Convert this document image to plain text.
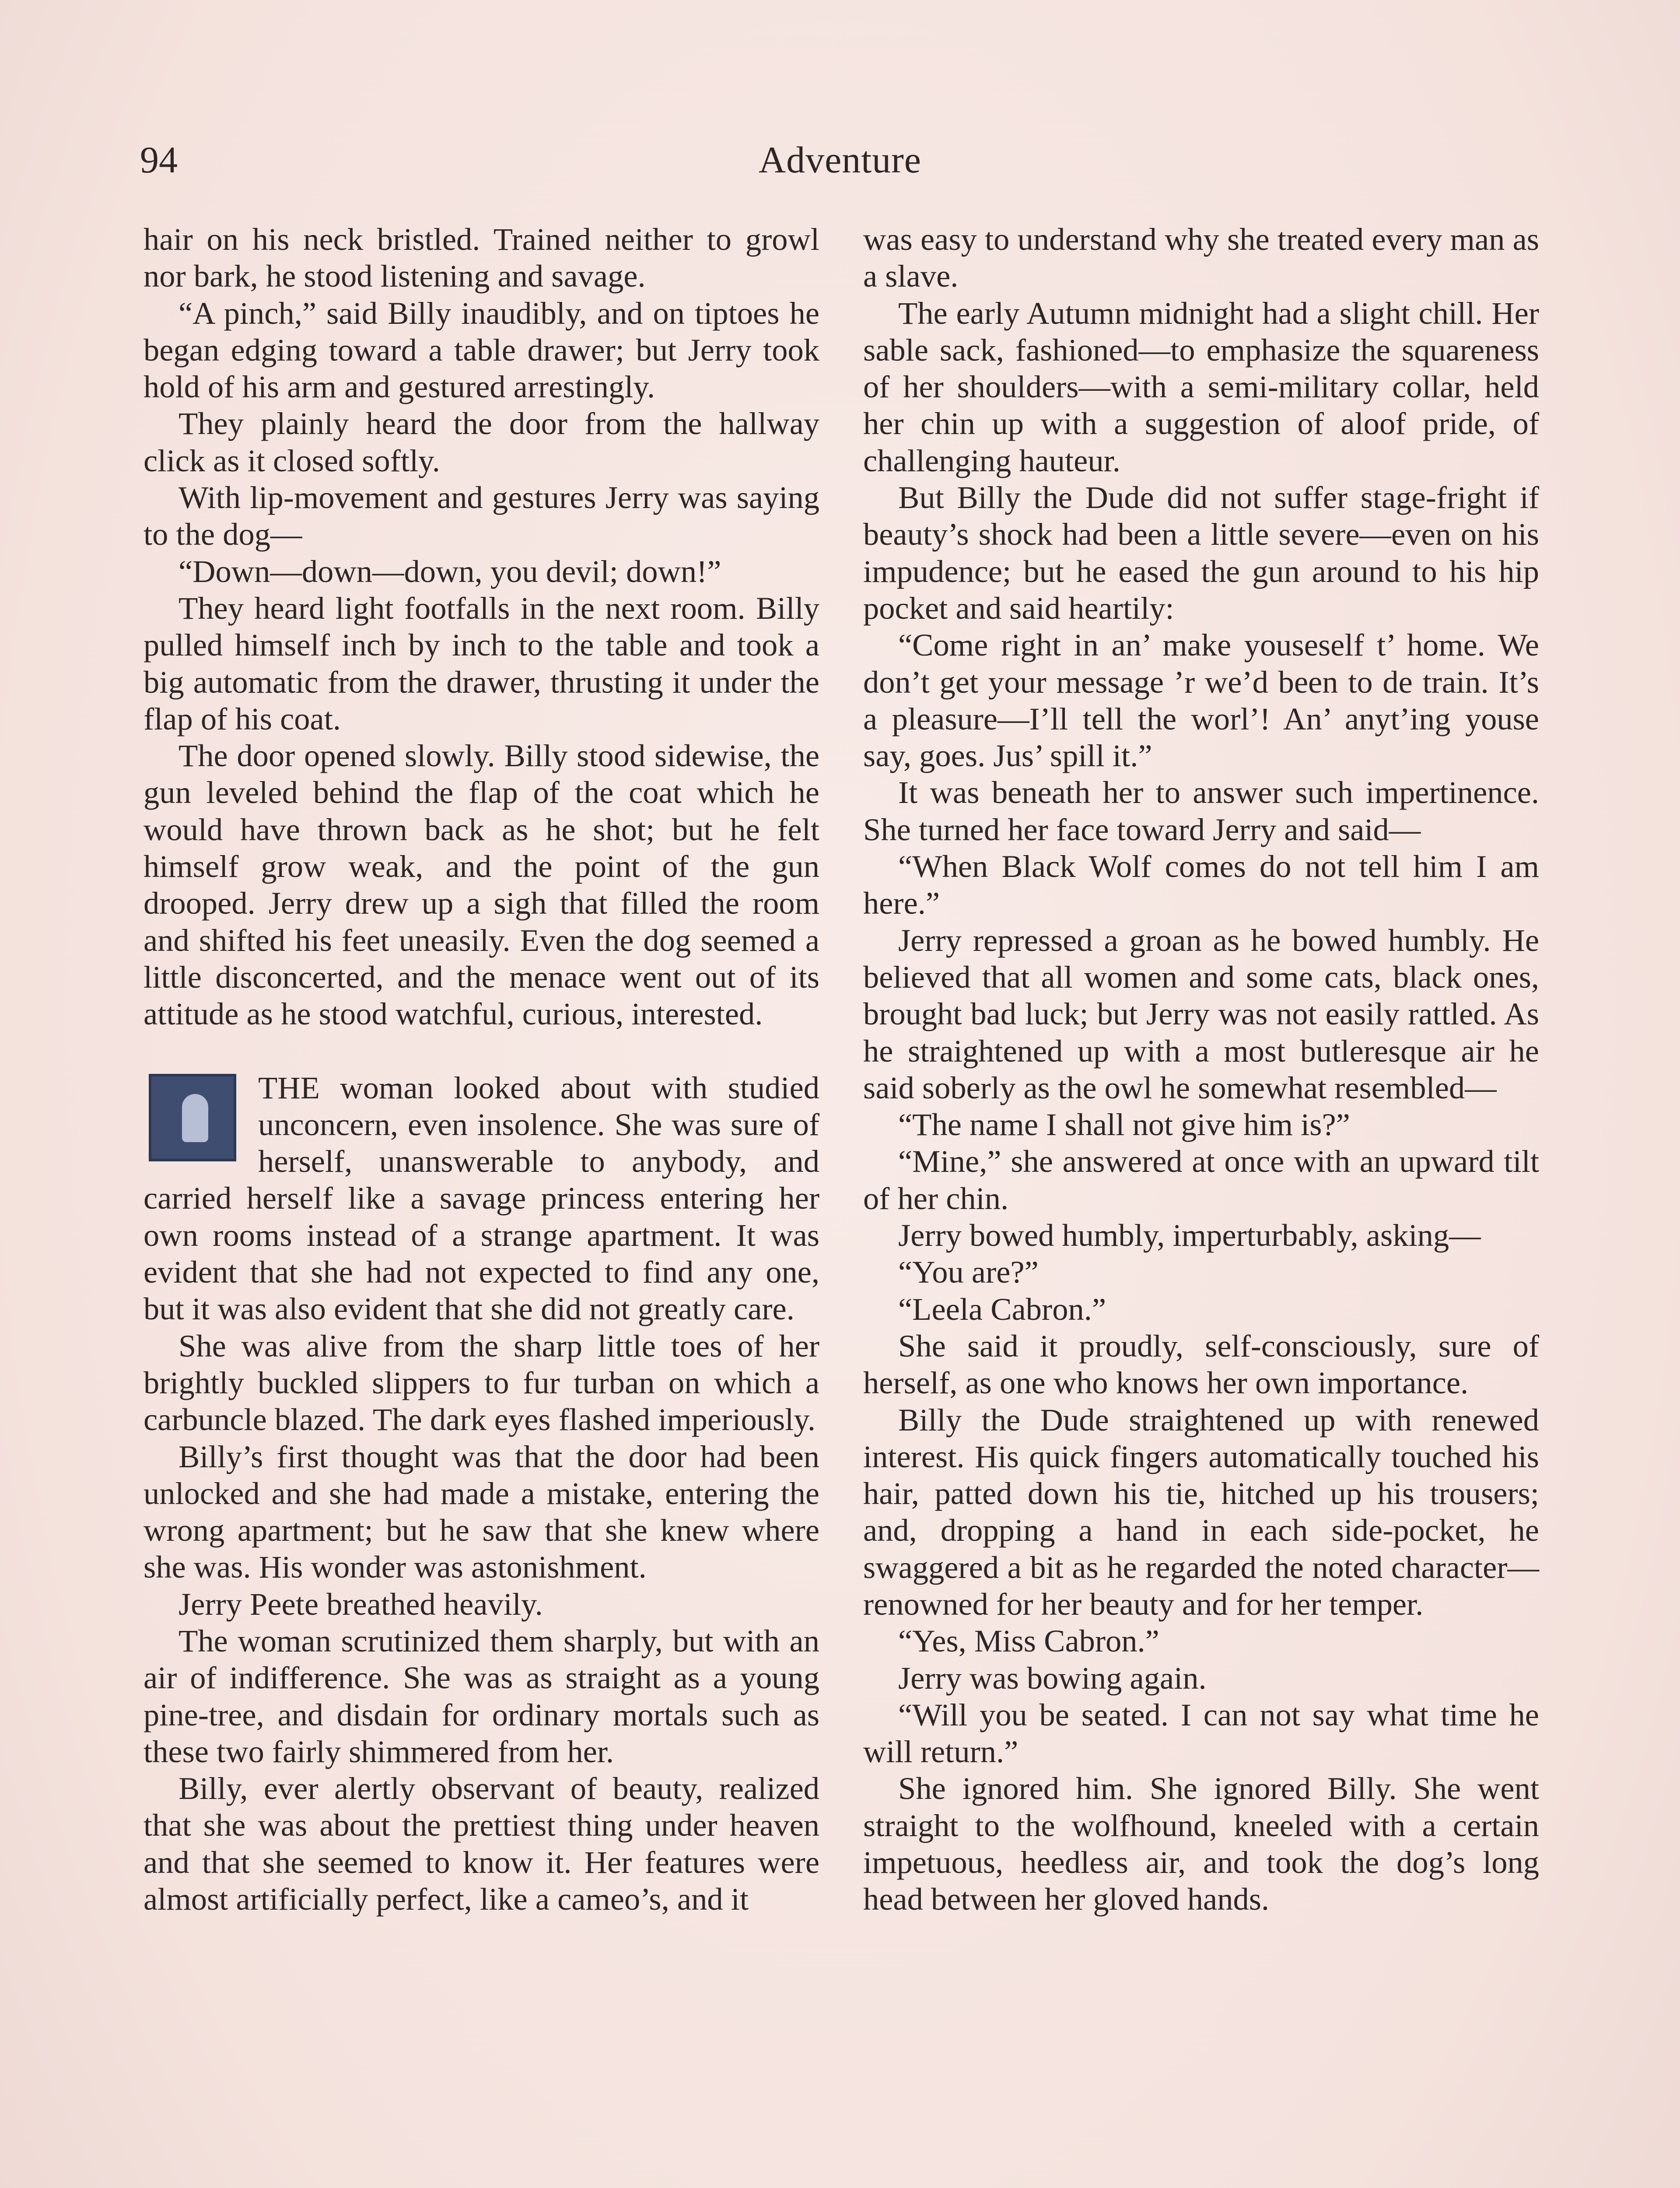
94	Adventure

hair on his neck bristled. Trained neither to growl nor bark, he stood listening and savage.

“A pinch,” said Billy inaudibly, and on tiptoes he began edging toward a table drawer; but Jerry took hold of his arm and gestured arrestingly.

They plainly heard the door from the hallway click as it closed softly.

With lip-movement and gestures Jerry was saying to the dog—

“Down—down—down, you devil; down!”

They heard light footfalls in the next room. Billy pulled himself inch by inch to the table and took a big automatic from the drawer, thrusting it under the flap of his coat.

The door opened slowly. Billy stood sidewise, the gun leveled behind the flap of the coat which he would have thrown back as he shot; but he felt himself grow weak, and the point of the gun drooped. Jerry drew up a sigh that filled the room and shifted his feet uneasily. Even the dog seemed a little disconcerted, and the menace went out of its attitude as he stood watchful, curious, interested.

THE woman looked about with studied unconcern, even insolence. She was sure of herself, unanswerable to anybody, and carried herself like a savage princess entering her own rooms instead of a strange apartment. It was evident that she had not expected to find any one, but it was also evident that she did not greatly care.

She was alive from the sharp little toes of her brightly buckled slippers to fur turban on which a carbuncle blazed. The dark eyes flashed imperiously.

Billy’s first thought was that the door had been unlocked and she had made a mistake, entering the wrong apartment; but he saw that she knew where she was. His wonder was astonishment.

Jerry Peete breathed heavily.

The woman scrutinized them sharply, but with an air of indifference. She was as straight as a young pine-tree, and disdain for ordinary mortals such as these two fairly shimmered from her.

Billy, ever alertly observant of beauty, realized that she was about the prettiest thing under heaven and that she seemed to know it. Her features were almost artificially perfect, like a cameo’s, and it

was easy to understand why she treated every man as a slave.

The early Autumn midnight had a slight chill. Her sable sack, fashioned—to emphasize the squareness of her shoulders—with a semi-military collar, held her chin up with a suggestion of aloof pride, of challenging hauteur.

But Billy the Dude did not suffer stage-fright if beauty’s shock had been a little severe—even on his impudence; but he eased the gun around to his hip pocket and said heartily:

“Come right in an’ make youseself t’ home. We don’t get your message ’r we’d been to de train. It’s a pleasure—I’ll tell the worl’! An’ anyt’ing youse say, goes. Jus’ spill it.”

It was beneath her to answer such impertinence. She turned her face toward Jerry and said—

“When Black Wolf comes do not tell him I am here.”

Jerry repressed a groan as he bowed humbly. He believed that all women and some cats, black ones, brought bad luck; but Jerry was not easily rattled. As he straightened up with a most butleresque air he said soberly as the owl he somewhat resembled—

“The name I shall not give him is?”

“Mine,” she answered at once with an upward tilt of her chin.

Jerry bowed humbly, imperturbably, asking—

“You are?”

“Leela Cabron.”

She said it proudly, self-consciously, sure of herself, as one who knows her own importance.

Billy the Dude straightened up with renewed interest. His quick fingers automatically touched his hair, patted down his tie, hitched up his trousers; and, dropping a hand in each side-pocket, he swaggered a bit as he regarded the noted character—renowned for her beauty and for her temper.

“Yes, Miss Cabron.”

Jerry was bowing again.

“Will you be seated. I can not say what time he will return.”

She ignored him. She ignored Billy. She went straight to the wolfhound, kneeled with a certain impetuous, heedless air, and took the dog’s long head between her gloved hands.
